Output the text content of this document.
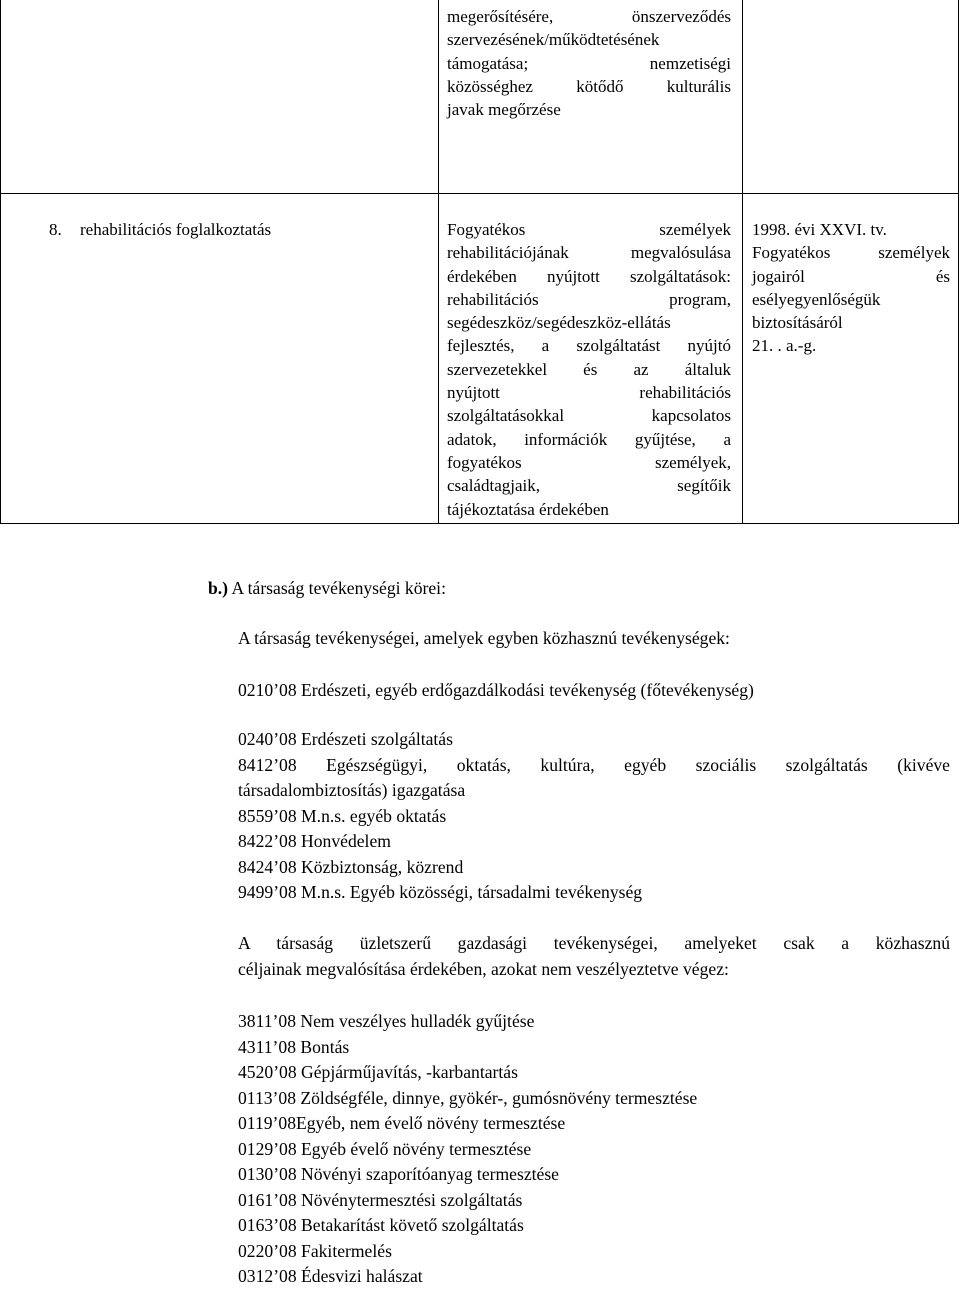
megerősítésére, önszerveződés
szervezésének/működtetésének
támogatása; nemzetiségi
közösséghez kötődő kulturális
javak megőrzése
8. rehabilitációs foglalkoztatás	Fogyatékos személyek
rehabilitációjának megvalósulása
érdekében nyújtott szolgáltatások:
rehabilitációs program,
segédeszköz/segédeszköz-ellátás
fejlesztés, a szolgáltatást nyújtó
szervezetekkel és az általuk
nyújtott rehabilitációs
szolgáltatásokkal kapcsolatos
adatok, információk gyűjtése, a
fogyatékos személyek,
családtagjaik, segítőik
tájékoztatása érdekében
1998. évi XXVI. tv.
Fogyatékos személyek
jogairól és
esélyegyenlőségük
biztosításáról
21. . a.-g.
b.) A társaság tevékenységi körei:
A társaság tevékenységei, amelyek egyben közhasznú tevékenységek:
0210’08 Erdészeti, egyéb erdőgazdálkodási tevékenység (főtevékenység)
0240’08 Erdészeti szolgáltatás
8412’08 Egészségügyi, oktatás, kultúra, egyéb szociális szolgáltatás (kivéve
társadalombiztosítás) igazgatása
8559’08 M.n.s. egyéb oktatás
8422’08 Honvédelem
8424’08 Közbiztonság, közrend
9499’08 M.n.s. Egyéb közösségi, társadalmi tevékenység
A társaság üzletszerű gazdasági tevékenységei, amelyeket csak a közhasznú
céljainak megvalósítása érdekében, azokat nem veszélyeztetve végez:
3811’08 Nem veszélyes hulladék gyűjtése
4311’08 Bontás
4520’08 Gépjárműjavítás, -karbantartás
0113’08 Zöldségféle, dinnye, gyökér-, gumósnövény termesztése
0119’08Egyéb, nem évelő növény termesztése
0129’08 Egyéb évelő növény termesztése
0130’08 Növényi szaporítóanyag termesztése
0161’08 Növénytermesztési szolgáltatás
0163’08 Betakarítást követő szolgáltatás
0220’08 Fakitermelés
0312’08 Édesvizi halászat
